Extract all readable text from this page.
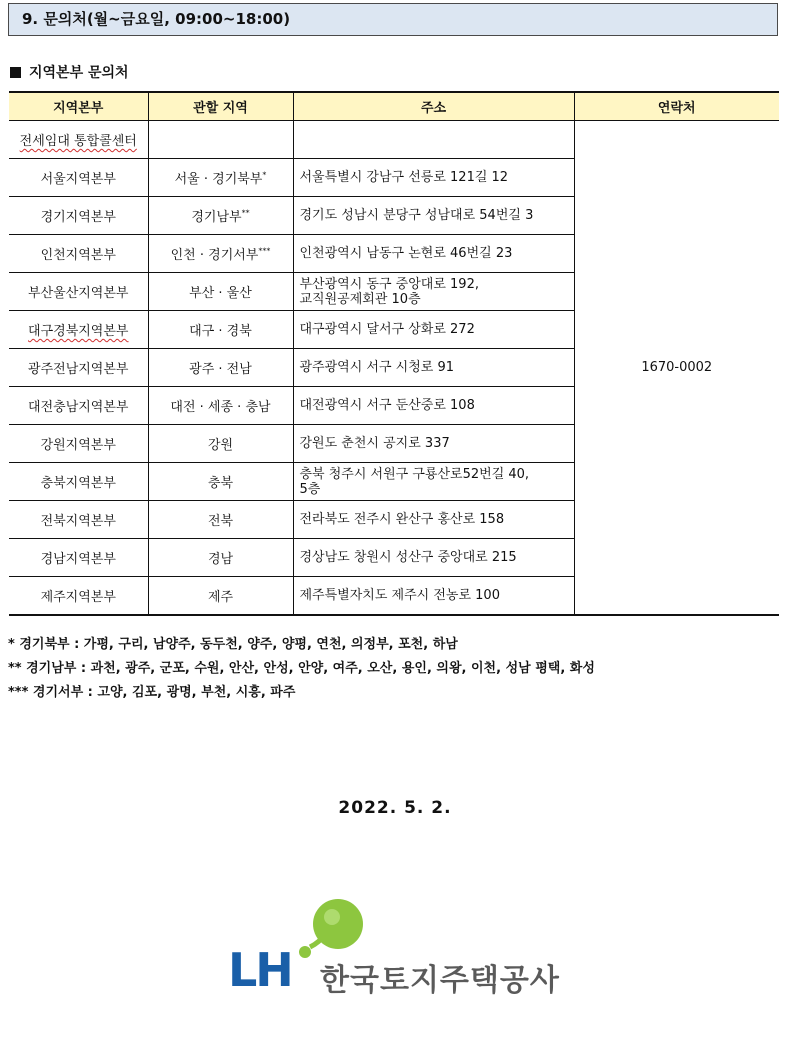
9. 문의처(월~금요일, 09:00~18:00)
지역본부 문의처
지역본부	관할 지역	주소	연락처
전세임대 통합콜센터			1670-0002
서울지역본부	서울 · 경기북부*	서울특별시 강남구 선릉로 121길 12	
경기지역본부	경기남부**	경기도 성남시 분당구 성남대로 54번길 3	
인천지역본부	인천 · 경기서부***	인천광역시 남동구 논현로 46번길 23	
부산울산지역본부	부산 · 울산	부산광역시 동구 중앙대로 192,
교직원공제회관 10층	
대구경북지역본부	대구 · 경북	대구광역시 달서구 상화로 272	
광주전남지역본부	광주 · 전남	광주광역시 서구 시청로 91	
대전충남지역본부	대전 · 세종 · 충남	대전광역시 서구 둔산중로 108	
강원지역본부	강원	강원도 춘천시 공지로 337	
충북지역본부	충북	충북 청주시 서원구 구룡산로52번길 40,
5층	
전북지역본부	전북	전라북도 전주시 완산구 홍산로 158	
경남지역본부	경남	경상남도 창원시 성산구 중앙대로 215	
제주지역본부	제주	제주특별자치도 제주시 전농로 100	
* 경기북부 : 가평, 구리, 남양주, 동두천, 양주, 양평, 연천, 의정부, 포천, 하남
** 경기남부 : 과천, 광주, 군포, 수원, 안산, 안성, 안양, 여주, 오산, 용인, 의왕, 이천, 성남 평택, 화성
*** 경기서부 : 고양, 김포, 광명, 부천, 시흥, 파주
2022. 5. 2.
LH 한국토지주택공사
